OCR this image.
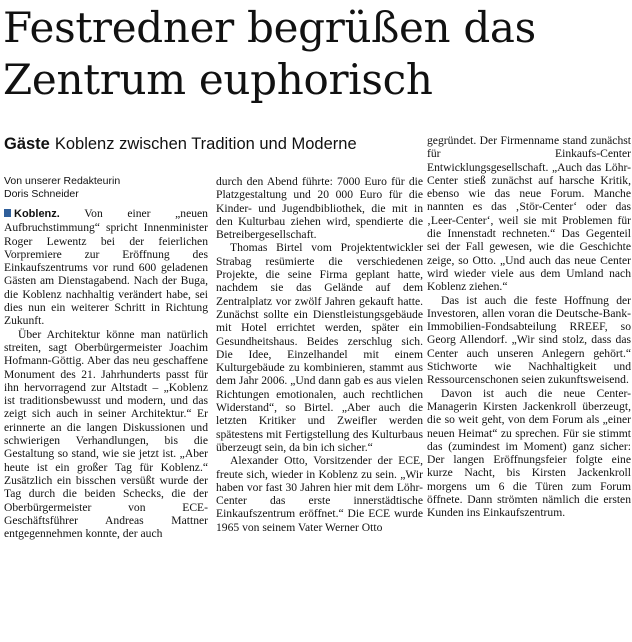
Festredner begrüßen das Zentrum euphorisch
Gäste Koblenz zwischen Tradition und Moderne
Von unserer Redakteurin
Doris Schneider

Koblenz. Von einer „neuen Aufbruchstimmung“ spricht Innenminister Roger Lewentz bei der feierlichen Vorpremiere zur Eröffnung des Einkaufszentrums vor rund 600 geladenen Gästen am Dienstagabend. Nach der Buga, die Koblenz nachhaltig verändert habe, sei dies nun ein weiterer Schritt in Richtung Zukunft.

Über Architektur könne man natürlich streiten, sagt Oberbürgermeister Joachim Hofmann-Göttig. Aber das neu geschaffene Monument des 21. Jahrhunderts passt für ihn hervorragend zur Altstadt – „Koblenz ist traditionsbewusst und modern, und das zeigt sich auch in seiner Architektur.“ Er erinnerte an die langen Diskussionen und schwierigen Verhandlungen, bis die Gestaltung so stand, wie sie jetzt ist. „Aber heute ist ein großer Tag für Koblenz.“ Zusätzlich ein bisschen versüßt wurde der Tag durch die beiden Schecks, die der Oberbürgermeister von ECE-Geschäftsführer Andreas Mattner entgegennehmen konnte, der auch

durch den Abend führte: 7000 Euro für die Platzgestaltung und 20 000 Euro für die Kinder- und Jugendbibliothek, die mit in den Kulturbau ziehen wird, spendierte die Betreibergesellschaft.

Thomas Birtel vom Projektentwickler Strabag resümierte die verschiedenen Projekte, die seine Firma geplant hatte, nachdem sie das Gelände auf dem Zentralplatz vor zwölf Jahren gekauft hatte. Zunächst sollte ein Dienstleistungsgebäude mit Hotel errichtet werden, später ein Gesundheitshaus. Beides zerschlug sich. Die Idee, Einzelhandel mit einem Kulturgebäude zu kombinieren, stammt aus dem Jahr 2006. „Und dann gab es aus vielen Richtungen emotionalen, auch rechtlichen Widerstand“, so Birtel. „Aber auch die letzten Kritiker und Zweifler werden spätestens mit Fertigstellung des Kulturbaus überzeugt sein, da bin ich sicher.“

Alexander Otto, Vorsitzender der ECE, freute sich, wieder in Koblenz zu sein. „Wir haben vor fast 30 Jahren hier mit dem Löhr-Center das erste innerstädtische Einkaufszentrum eröffnet.“ Die ECE wurde 1965 von seinem Vater Werner Otto

gegründet. Der Firmenname stand zunächst für Einkaufs-Center Entwicklungsgesellschaft. „Auch das Löhr-Center stieß zunächst auf harsche Kritik, ebenso wie das neue Forum. Manche nannten es das ‚Stör-Center‘ oder das ‚Leer-Center‘, weil sie mit Problemen für die Innenstadt rechneten.“ Das Gegenteil sei der Fall gewesen, wie die Geschichte zeige, so Otto. „Und auch das neue Center wird wieder viele aus dem Umland nach Koblenz ziehen.“

Das ist auch die feste Hoffnung der Investoren, allen voran die Deutsche-Bank-Immobilien-Fondsabteilung RREEF, so Georg Allendorf. „Wir sind stolz, dass das Center auch unseren Anlegern gehört.“ Stichworte wie Nachhaltigkeit und Ressourcenschonen seien zukunftsweisend.

Davon ist auch die neue Center-Managerin Kirsten Jackenkroll überzeugt, die so weit geht, von dem Forum als „einer neuen Heimat“ zu sprechen. Für sie stimmt das (zumindest im Moment) ganz sicher: Der langen Eröffnungsfeier folgte eine kurze Nacht, bis Kirsten Jackenkroll morgens um 6 die Türen zum Forum öffnete. Dann strömten nämlich die ersten Kunden ins Einkaufszentrum.
